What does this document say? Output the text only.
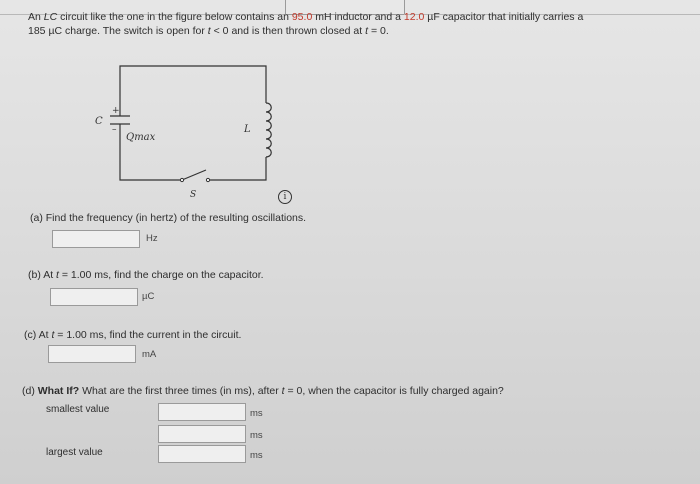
An LC circuit like the one in the figure below contains an 95.0 mH inductor and a 12.0 µF capacitor that initially carries a
185 µC charge. The switch is open for t < 0 and is then thrown closed at t = 0.
+
–
C
Qmax
L
S	i
(a) Find the frequency (in hertz) of the resulting oscillations.
Hz
(b) At t = 1.00 ms, find the charge on the capacitor.
µC
(c) At t = 1.00 ms, find the current in the circuit.
mA
(d) What If? What are the first three times (in ms), after t = 0, when the capacitor is fully charged again?
smallest value	ms
ms
largest value	ms
